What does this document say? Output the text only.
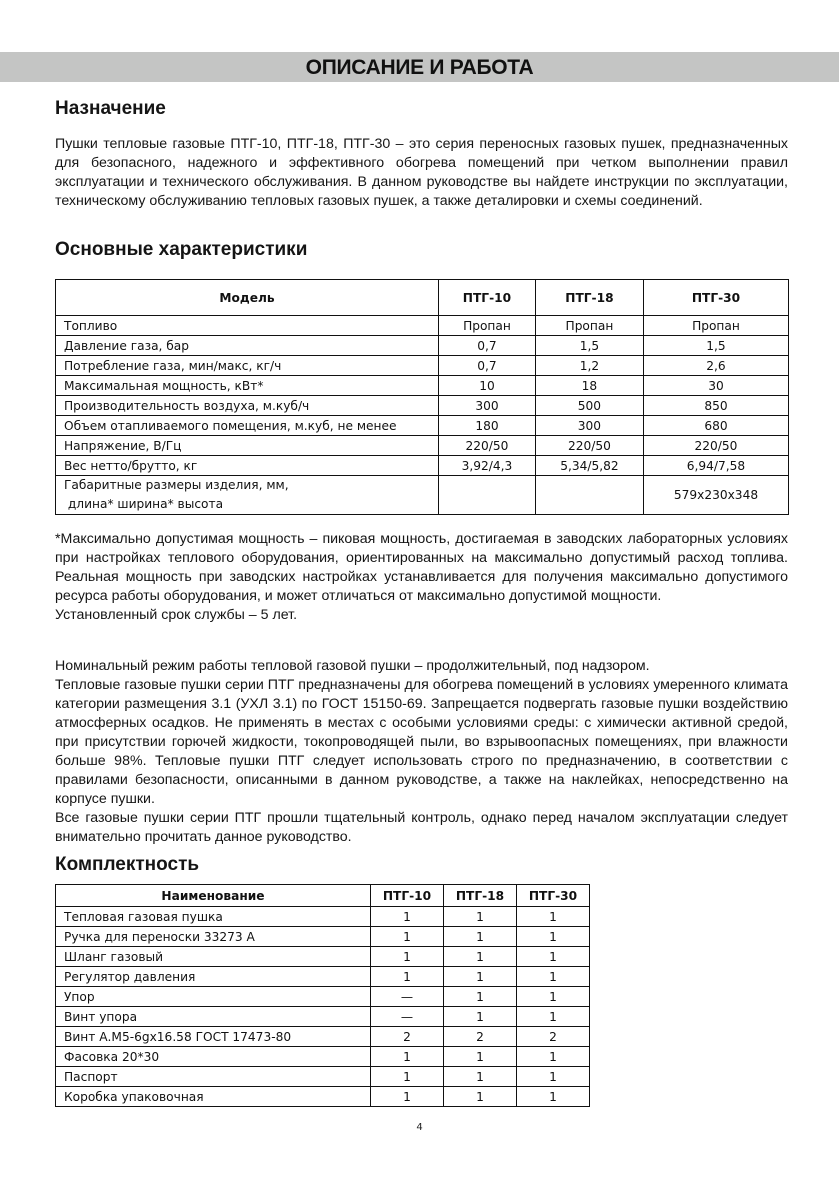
ОПИСАНИЕ И РАБОТА
Назначение

Пушки тепловые газовые ПТГ-10, ПТГ-18, ПТГ-30 – это серия переносных газовых пушек, предназначенных для безопасного, надежного и эффективного обогрева помещений при четком выполнении правил эксплуатации и технического обслуживания. В данном руководстве вы найдете инструкции по эксплуатации, техническому обслуживанию тепловых газовых пушек, а также деталировки и схемы соединений.

Основные характеристики
Модель	ПТГ-10	ПТГ-18	ПТГ-30
Топливо	Пропан	Пропан	Пропан
Давление газа, бар	0,7	1,5	1,5
Потребление газа, мин/макс, кг/ч	0,7	1,2	2,6
Максимальная мощность, кВт*	10	18	30
Производительность воздуха, м.куб/ч	300	500	850
Объем отапливаемого помещения, м.куб, не менее	180	300	680
Напряжение, В/Гц	220/50	220/50	220/50
Вес нетто/брутто, кг	3,92/4,3	5,34/5,82	6,94/7,58

Габаритные размеры изделия, мм,
длина* ширина* высота			579x230x348

*Максимально допустимая мощность – пиковая мощность, достигаемая в заводских лабораторных условиях при настройках теплового оборудования, ориентированных на максимально допустимый расход топлива. Реальная мощность при заводских настройках устанавливается для получения максимально допустимого ресурса работы оборудования, и может отличаться от максимально допустимой мощности.

Установленный срок службы – 5 лет.

Номинальный режим работы тепловой газовой пушки – продолжительный, под надзором.

Тепловые газовые пушки серии ПТГ предназначены для обогрева помещений в условиях умеренного климата категории размещения 3.1 (УХЛ 3.1) по ГОСТ 15150-69. Запрещается подвергать газовые пушки воздействию атмосферных осадков. Не применять в местах с особыми условиями среды: с химически активной средой, при присутствии горючей жидкости, токопроводящей пыли, во взрывоопасных помещениях, при влажности больше 98%. Тепловые пушки ПТГ следует использовать строго по предназначению, в соответствии с правилами безопасности, описанными в данном руководстве, а также на наклейках, непосредственно на корпусе пушки.

Все газовые пушки серии ПТГ прошли тщательный контроль, однако перед началом эксплуатации следует внимательно прочитать данное руководство.

Комплектность
Наименование	ПТГ-10	ПТГ-18	ПТГ-30
Тепловая газовая пушка	1	1	1
Ручка для переноски 33273 А	1	1	1
Шланг газовый	1	1	1
Регулятор давления	1	1	1
Упор	—	1	1
Винт упора	—	1	1
Винт А.М5-6gx16.58 ГОСТ 17473-80	2	2	2
Фасовка 20*30	1	1	1
Паспорт	1	1	1
Коробка упаковочная	1	1	1
4
